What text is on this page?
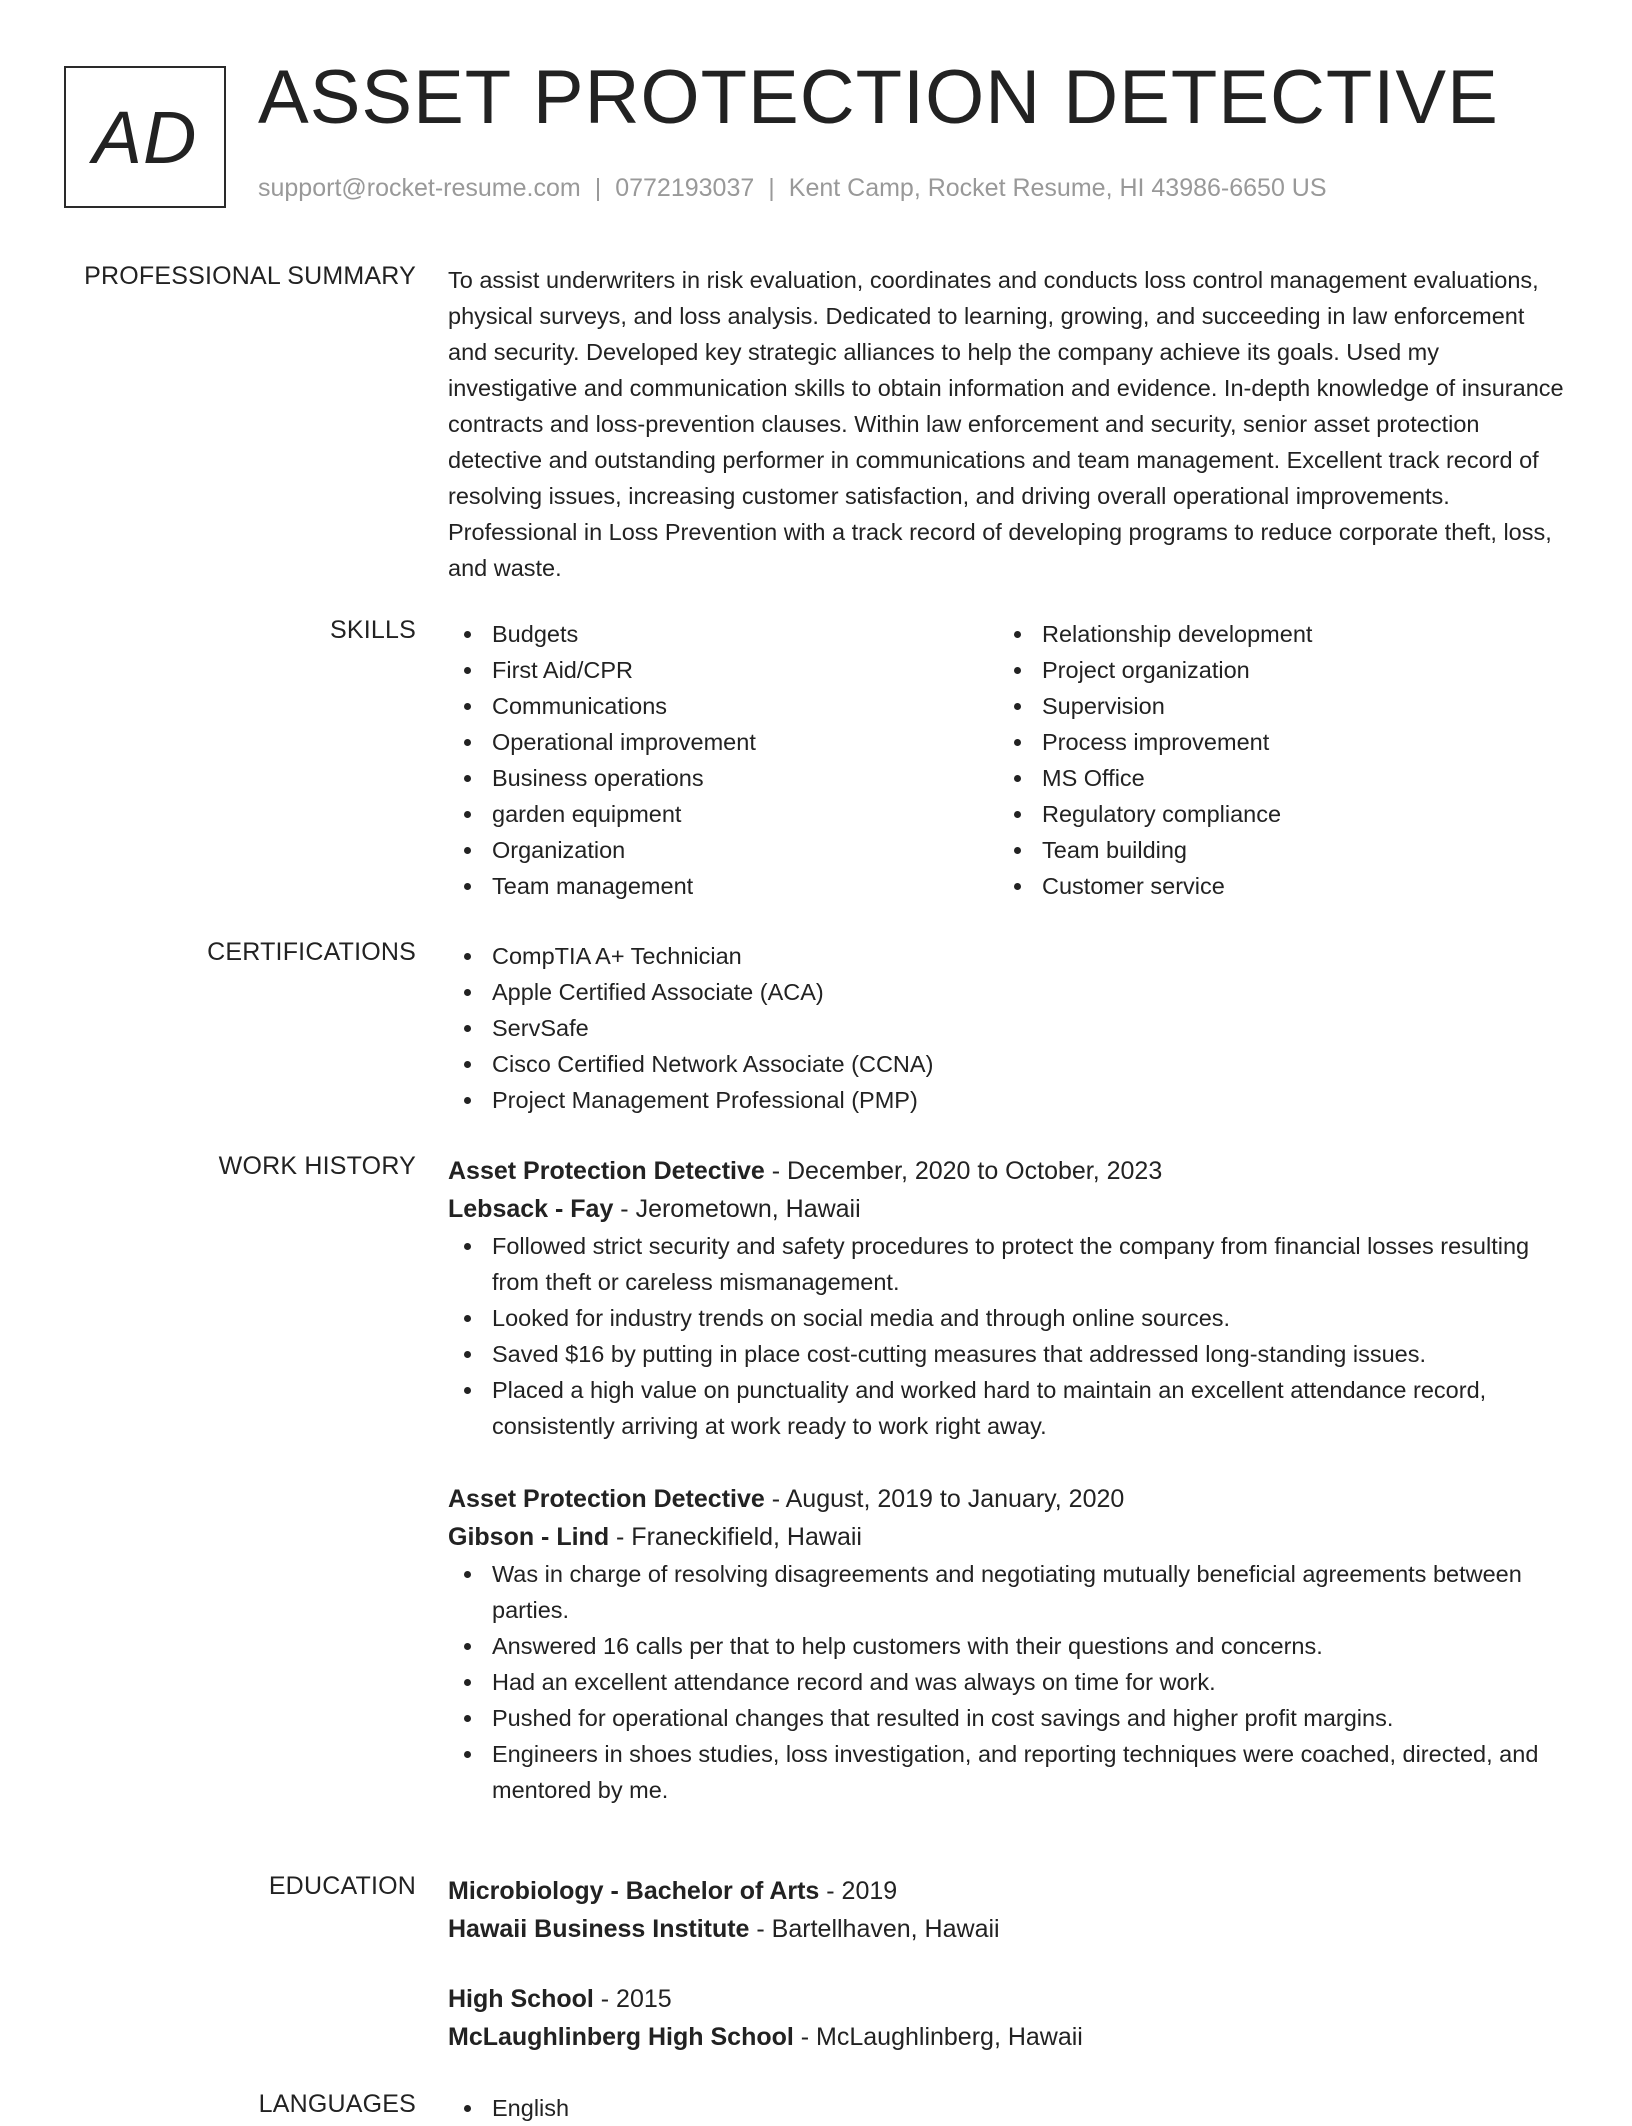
AD ASSET PROTECTION DETECTIVE
support@rocket-resume.com | 0772193037 | Kent Camp, Rocket Resume, HI 43986-6650 US
PROFESSIONAL SUMMARY To assist underwriters in risk evaluation, coordinates and conducts loss control management evaluations, physical surveys, and loss analysis. Dedicated to learning, growing, and succeeding in law enforcement and security. Developed key strategic alliances to help the company achieve its goals. Used my investigative and communication skills to obtain information and evidence. In-depth knowledge of insurance contracts and loss-prevention clauses. Within law enforcement and security, senior asset protection detective and outstanding performer in communications and team management. Excellent track record of resolving issues, increasing customer satisfaction, and driving overall operational improvements. Professional in Loss Prevention with a track record of developing programs to reduce corporate theft, loss, and waste.

SKILLS	Budgets
First Aid/CPR
Communications
Operational improvement
Business operations
garden equipment
Organization
Team management
Relationship development
Project organization
Supervision
Process improvement
MS Office
Regulatory compliance
Team building
Customer service
CERTIFICATIONS	CompTIA A+ Technician
Apple Certified Associate (ACA)
ServSafe
Cisco Certified Network Associate (CCNA)
Project Management Professional (PMP)
WORK HISTORY Asset Protection Detective - December, 2020 to October, 2023
Lebsack - Fay - Jerometown, Hawaii
Followed strict security and safety procedures to protect the company from financial losses resulting from theft or careless mismanagement.
Looked for industry trends on social media and through online sources.
Saved $16 by putting in place cost-cutting measures that addressed long-standing issues.
Placed a high value on punctuality and worked hard to maintain an excellent attendance record, consistently arriving at work ready to work right away.
Asset Protection Detective - August, 2019 to January, 2020
Gibson - Lind - Franeckifield, Hawaii
Was in charge of resolving disagreements and negotiating mutually beneficial agreements between parties.
Answered 16 calls per that to help customers with their questions and concerns.
Had an excellent attendance record and was always on time for work.
Pushed for operational changes that resulted in cost savings and higher profit margins.
Engineers in shoes studies, loss investigation, and reporting techniques were coached, directed, and mentored by me.
EDUCATION Microbiology - Bachelor of Arts - 2019
Hawaii Business Institute - Bartellhaven, Hawaii
High School - 2015
McLaughlinberg High School - McLaughlinberg, Hawaii
LANGUAGES	English
